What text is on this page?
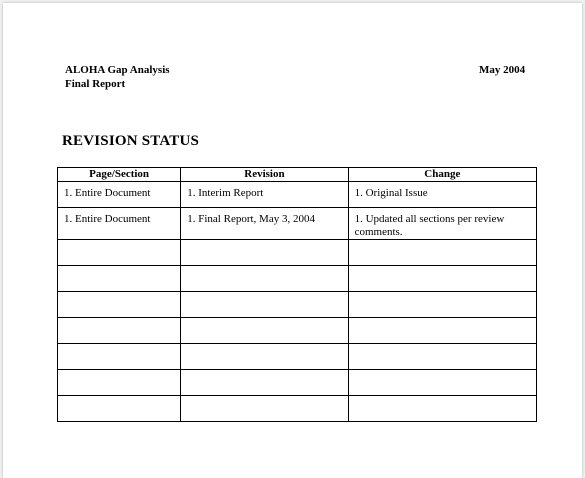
ALOHA Gap Analysis
Final Report
May 2004
REVISION STATUS
Page/Section	Revision	Change
1. Entire Document	1. Interim Report	1. Original Issue
1. Entire Document	1. Final Report, May 3, 2004	1. Updated all sections per review comments.
